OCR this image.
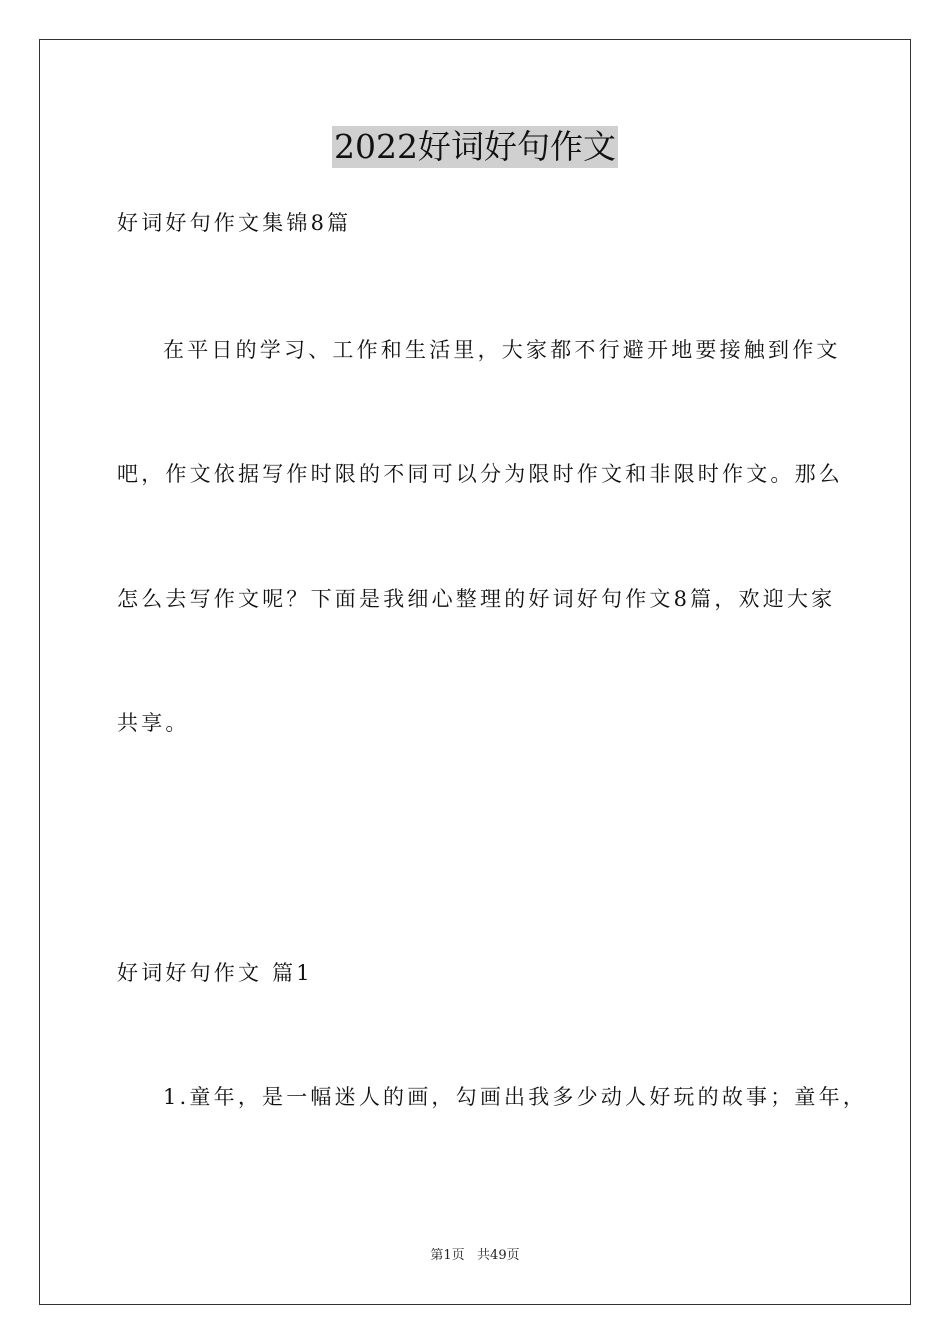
2022好词好句作文

好词好句作文集锦8篇

在平日的学习、工作和生活里，大家都不行避开地要接触到作文

吧，作文依据写作时限的不同可以分为限时作文和非限时作文。那么

怎么去写作文呢？下面是我细心整理的好词好句作文8篇，欢迎大家

共享。

好词好句作文 篇1

1.童年，是一幅迷人的画，勾画出我多少动人好玩的故事；童年，

第1页   共49页
